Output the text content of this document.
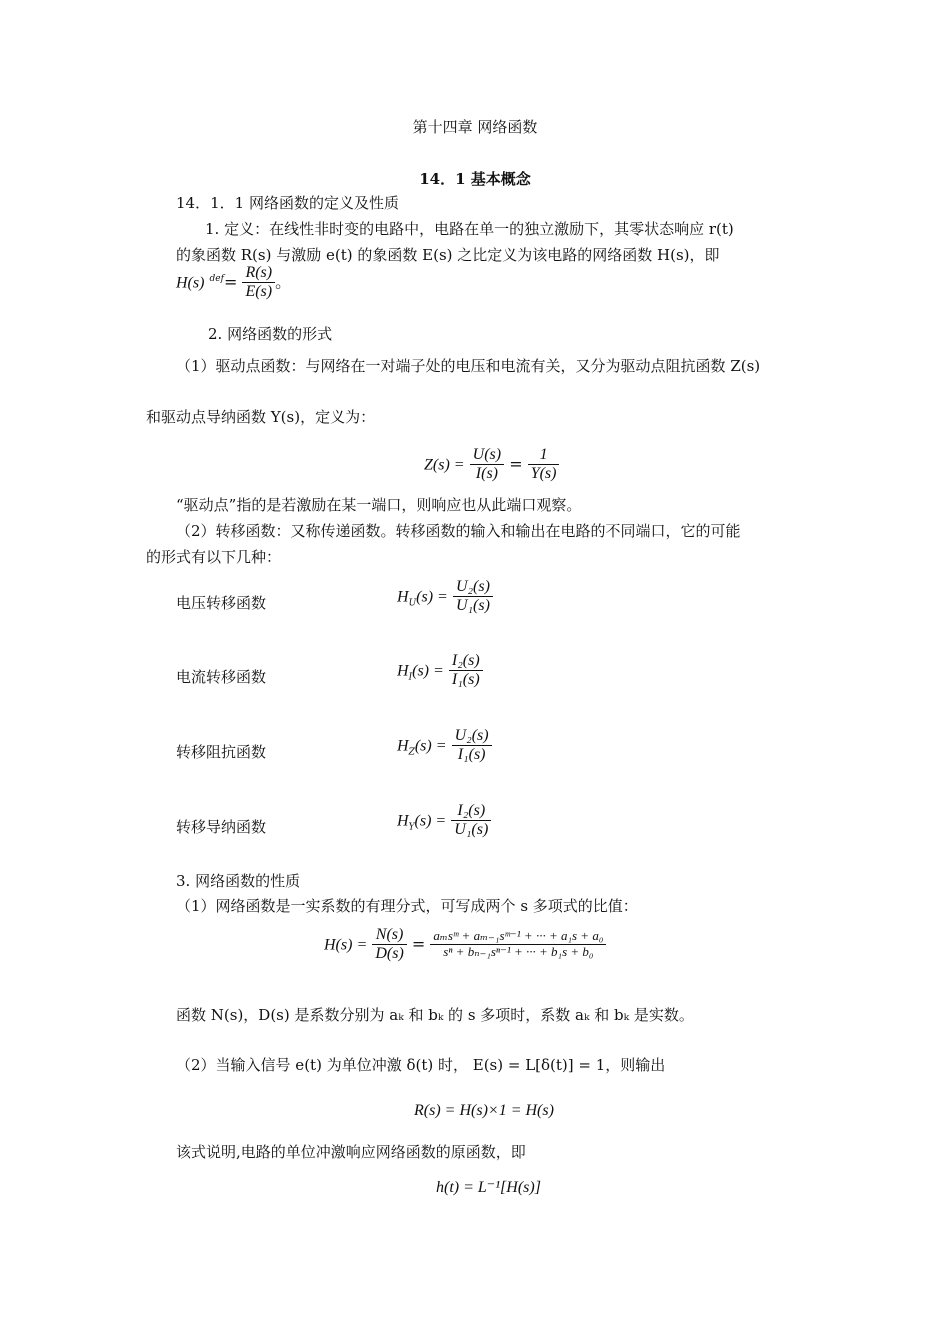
第十四章 网络函数
14．1 基本概念
14．1．1 网络函数的定义及性质
1. 定义：在线性非时变的电路中，电路在单一的独立激励下，其零状态响应 r(t)
的象函数 R(s) 与激励 e(t) 的象函数 E(s) 之比定义为该电路的网络函数 H(s)，即
H(s) $^{def}= \frac{R(s)}{E(s)}$ 。
2. 网络函数的形式
（1）驱动点函数：与网络在一对端子处的电压和电流有关，又分为驱动点阻抗函数 Z(s)
和驱动点导纳函数 Y(s)，定义为：
$Z(s) = \frac{U(s)}{I(s)} = \frac{1}{Y(s)}$
“驱动点”指的是若激励在某一端口，则响应也从此端口观察。
（2）转移函数：又称传递函数。转移函数的输入和输出在电路的不同端口，它的可能
的形式有以下几种：
电压转移函数	$H_U(s) = \frac{\text{U₂(s)}}{\text{U₁(s)}}$
电流转移函数	$H_I(s) = \frac{\text{I₂(s)}}{\text{I₁(s)}}$
转移阻抗函数	$H_Z(s) = \frac{\text{U₂(s)}}{\text{I₁(s)}}$
转移导纳函数	$H_Y(s) = \frac{\text{I₂(s)}}{\text{U₁(s)}}$
3. 网络函数的性质
（1）网络函数是一实系数的有理分式，可写成两个 s 多项式的比值：
$H(s) = \frac{N(s)}{D(s)} = \frac{\text{aₘsᵐ + aₘ₋₁sᵐ⁻¹ + ··· + a₁s + a₀}}{\text{sⁿ + bₙ₋₁sⁿ⁻¹ + ··· + b₁s + b₀}}$
函数 N(s)，D(s) 是系数分别为 aₖ 和 bₖ 的 s 多项时，系数 aₖ 和 bₖ 是实数。
（2）当输入信号 e(t) 为单位冲激 δ(t) 时， E(s) = L[δ(t)] = 1，则输出
R(s) = H(s)×1 = H(s)
该式说明,电路的单位冲激响应网络函数的原函数，即
h(t) = L⁻¹[H(s)]
